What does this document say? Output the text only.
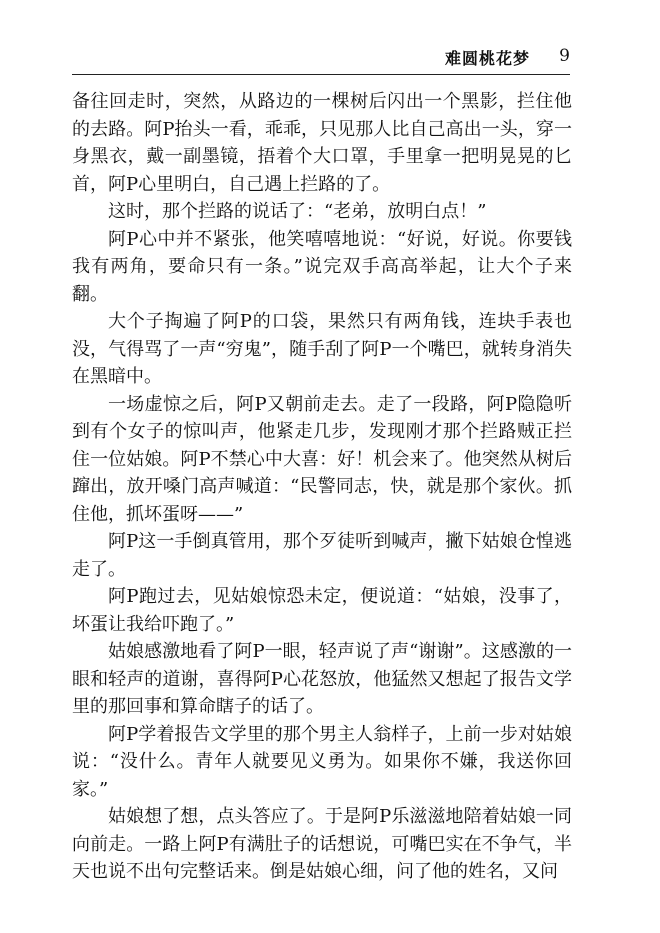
难圆桃花梦 9

备往回走时，突然，从路边的一棵树后闪出一个黑影，拦住他的去路。阿P抬头一看，乖乖，只见那人比自己高出一头，穿一身黑衣，戴一副墨镜，捂着个大口罩，手里拿一把明晃晃的匕首，阿P心里明白，自己遇上拦路的了。

这时，那个拦路的说话了：“老弟，放明白点！”

阿P心中并不紧张，他笑嘻嘻地说：“好说，好说。你要钱我有两角，要命只有一条。”说完双手高高举起，让大个子来翻。

大个子掏遍了阿P的口袋，果然只有两角钱，连块手表也没，气得骂了一声“穷鬼”，随手刮了阿P一个嘴巴，就转身消失在黑暗中。

一场虚惊之后，阿P又朝前走去。走了一段路，阿P隐隐听到有个女子的惊叫声，他紧走几步，发现刚才那个拦路贼正拦住一位姑娘。阿P不禁心中大喜：好！机会来了。他突然从树后蹿出，放开嗓门高声喊道：“民警同志，快，就是那个家伙。抓住他，抓坏蛋呀——”

阿P这一手倒真管用，那个歹徒听到喊声，撇下姑娘仓惶逃走了。

阿P跑过去，见姑娘惊恐未定，便说道：“姑娘，没事了，坏蛋让我给吓跑了。”

姑娘感激地看了阿P一眼，轻声说了声“谢谢”。这感激的一眼和轻声的道谢，喜得阿P心花怒放，他猛然又想起了报告文学里的那回事和算命瞎子的话了。

阿P学着报告文学里的那个男主人翁样子，上前一步对姑娘说：“没什么。青年人就要见义勇为。如果你不嫌，我送你回家。”

姑娘想了想，点头答应了。于是阿P乐滋滋地陪着姑娘一同向前走。一路上阿P有满肚子的话想说，可嘴巴实在不争气，半天也说不出句完整话来。倒是姑娘心细，问了他的姓名，又问
